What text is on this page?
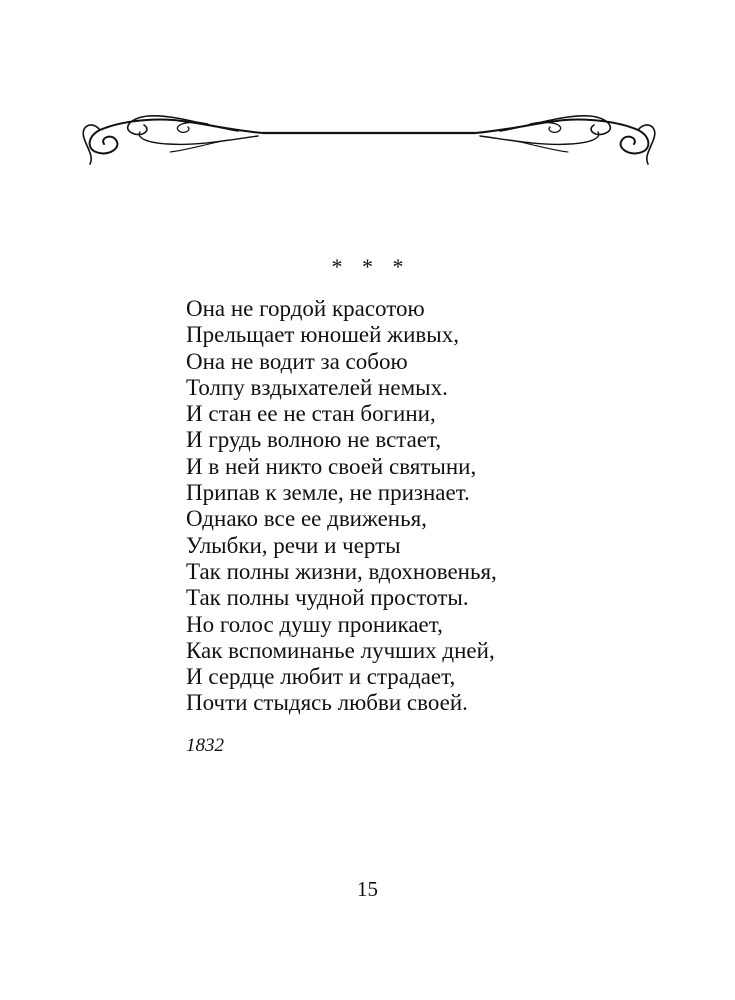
* * *
Она не гордой красотою
Прельщает юношей живых,
Она не водит за собою
Толпу вздыхателей немых.
И стан ее не стан богини,
И грудь волною не встает,
И в ней никто своей святыни,
Припав к земле, не признает.
Однако все ее движенья,
Улыбки, речи и черты
Так полны жизни, вдохновенья,
Так полны чудной простоты.
Но голос душу проникает,
Как вспоминанье лучших дней,
И сердце любит и страдает,
Почти стыдясь любви своей.
1832
15
